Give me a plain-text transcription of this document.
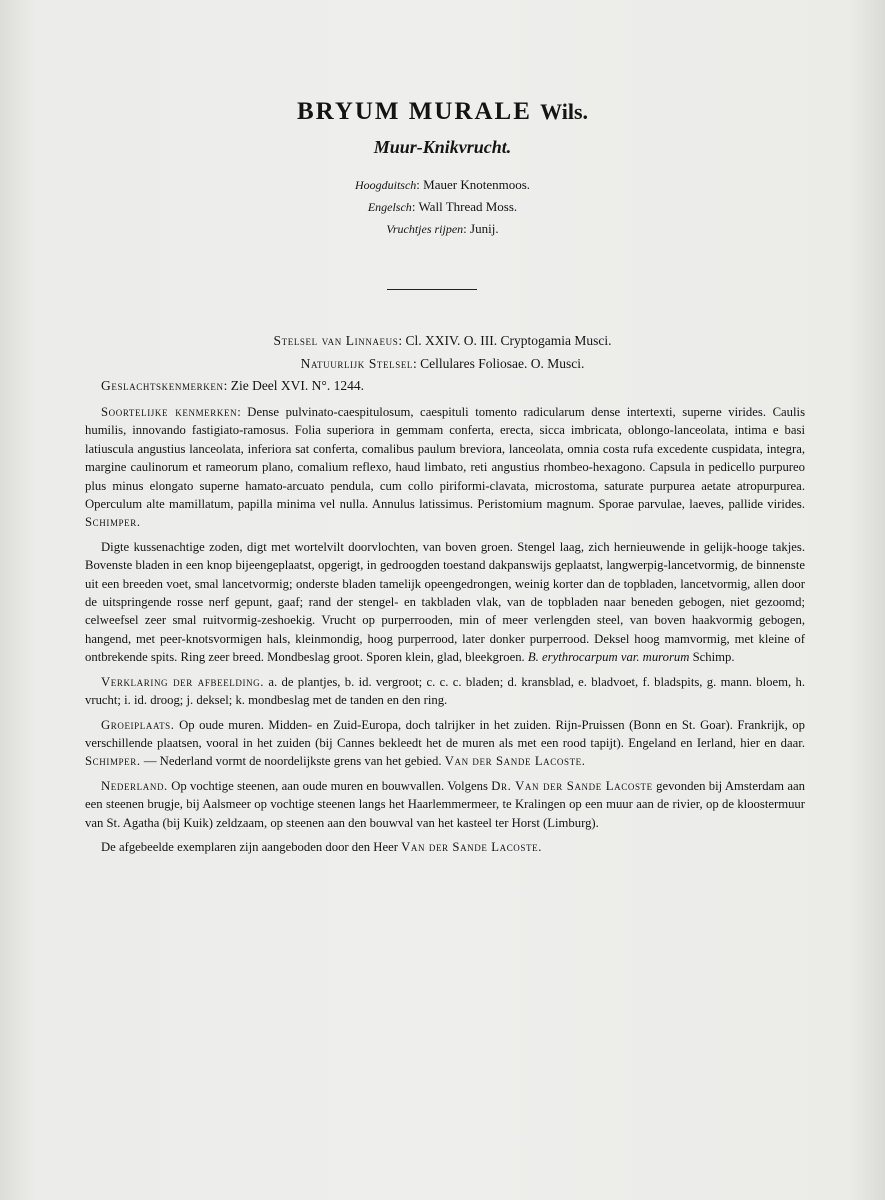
BRYUM MURALE Wils.
Muur-Knikvrucht.
Hoogduitsch: Mauer Knotenmoos.
Engelsch: Wall Thread Moss.
Vruchtjes rijpen: Junij.
Stelsel van Linnaeus: Cl. XXIV. O. III. Cryptogamia Musci.
Natuurlijk Stelsel: Cellulares Foliosae. O. Musci.
Geslachtskenmerken: Zie Deel XVI. N°. 1244.

Soortelijke kenmerken: Dense pulvinato-caespitulosum, caespituli tomento radicularum dense intertexti, superne virides. Caulis humilis, innovando fastigiato-ramosus. Folia superiora in gemmam conferta, erecta, sicca imbricata, oblongo-lanceolata, intima e basi latiuscula angustius lanceolata, inferiora sat conferta, comalibus paulum breviora, lanceolata, omnia costa rufa excedente cuspidata, integra, margine caulinorum et rameorum plano, comalium reflexo, haud limbato, reti angustius rhombeo-hexagono. Capsula in pedicello purpureo plus minus elongato superne hamato-arcuato pendula, cum collo piriformi-clavata, microstoma, saturate purpurea aetate atropurpurea. Operculum alte mamillatum, papilla minima vel nulla. Annulus latissimus. Peristomium magnum. Sporae parvulae, laeves, pallide virides. Schimper.

Digte kussenachtige zoden, digt met wortelvilt doorvlochten, van boven groen. Stengel laag, zich hernieuwende in gelijk-hooge takjes. Bovenste bladen in een knop bijeengeplaatst, opgerigt, in gedroogden toestand dakpanswijs geplaatst, langwerpig-lancetvormig, de binnenste uit een breeden voet, smal lancetvormig; onderste bladen tamelijk opeengedrongen, weinig korter dan de topbladen, lancetvormig, allen door de uitspringende rosse nerf gepunt, gaaf; rand der stengel- en takbladen vlak, van de topbladen naar beneden gebogen, niet gezoomd; celweefsel zeer smal ruitvormig-zeshoekig. Vrucht op purperrooden, min of meer verlengden steel, van boven haakvormig gebogen, hangend, met peer-knotsvormigen hals, kleinmondig, hoog purperrood, later donker purperrood. Deksel hoog mamvormig, met kleine of ontbrekende spits. Ring zeer breed. Mondbeslag groot. Sporen klein, glad, bleekgroen. B. erythrocarpum var. murorum Schimp.

Verklaring der afbeelding. a. de plantjes, b. id. vergroot; c. c. c. bladen; d. kransblad, e. bladvoet, f. bladspits, g. mann. bloem, h. vrucht; i. id. droog; j. deksel; k. mondbeslag met de tanden en den ring.

Groeiplaats. Op oude muren. Midden- en Zuid-Europa, doch talrijker in het zuiden. Rijn-Pruissen (Bonn en St. Goar). Frankrijk, op verschillende plaatsen, vooral in het zuiden (bij Cannes bekleedt het de muren als met een rood tapijt). Engeland en Ierland, hier en daar. Schimper. — Nederland vormt de noordelijkste grens van het gebied. Van der Sande Lacoste.

Nederland. Op vochtige steenen, aan oude muren en bouwvallen. Volgens Dr. Van der Sande Lacoste gevonden bij Amsterdam aan een steenen brugje, bij Aalsmeer op vochtige steenen langs het Haarlemmermeer, te Kralingen op een muur aan de rivier, op de kloostermuur van St. Agatha (bij Kuik) zeldzaam, op steenen aan den bouwval van het kasteel ter Horst (Limburg).

De afgebeelde exemplaren zijn aangeboden door den Heer Van der Sande Lacoste.
